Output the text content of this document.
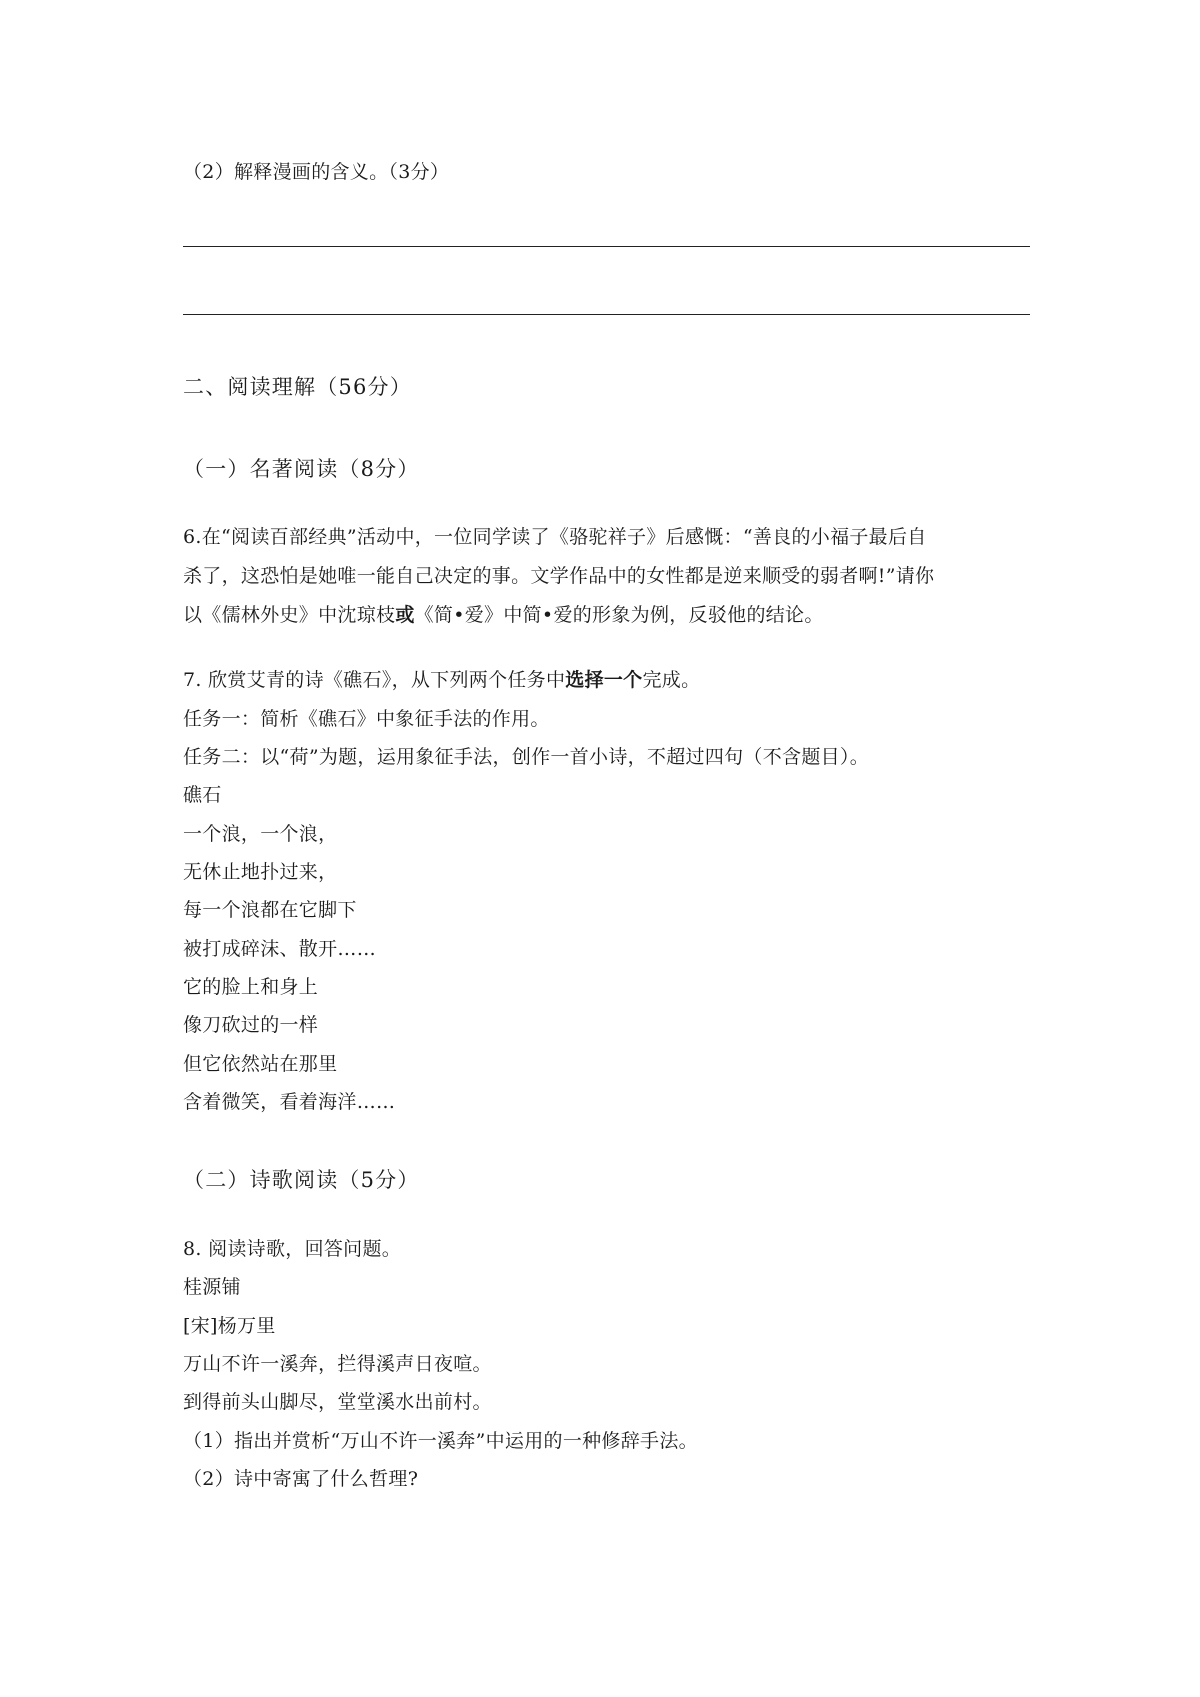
（2）解释漫画的含义。（3分）
二、阅读理解（56分）
（一）名著阅读（8分）
6.在“阅读百部经典”活动中，一位同学读了《骆驼祥子》后感慨：“善良的小福子最后自
杀了，这恐怕是她唯一能自己决定的事。文学作品中的女性都是逆来顺受的弱者啊!”请你
以《儒林外史》中沈琼枝或《简•爱》中简•爱的形象为例，反驳他的结论。
7. 欣赏艾青的诗《礁石》，从下列两个任务中选择一个完成。
任务一：简析《礁石》中象征手法的作用。
任务二：以“荷”为题，运用象征手法，创作一首小诗，不超过四句（不含题目）。
礁石
一个浪，一个浪，
无休止地扑过来，
每一个浪都在它脚下
被打成碎沫、散开……
它的脸上和身上
像刀砍过的一样
但它依然站在那里
含着微笑，看着海洋……
（二）诗歌阅读（5分）
8. 阅读诗歌，回答问题。
桂源铺
[宋]杨万里
万山不许一溪奔，拦得溪声日夜喧。
到得前头山脚尽，堂堂溪水出前村。
（1）指出并赏析“万山不许一溪奔”中运用的一种修辞手法。
（2）诗中寄寓了什么哲理?
